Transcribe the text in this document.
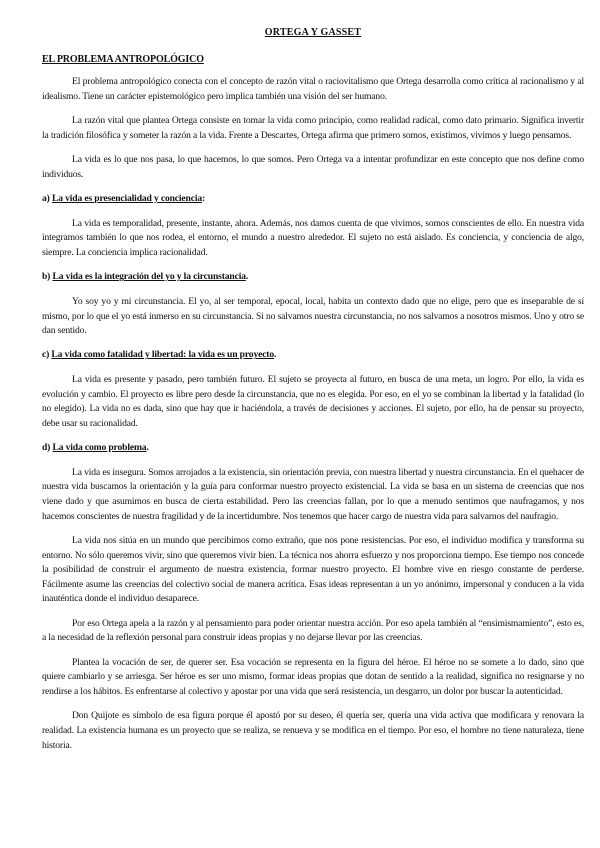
ORTEGA Y GASSET
EL PROBLEMA ANTROPOLÓGICO

El problema antropológico conecta con el concepto de razón vital o raciovitalismo que Ortega desarrolla como crítica al racionalismo y al idealismo. Tiene un carácter epistemológico pero implica también una visión del ser humano.

La razón vital que plantea Ortega consiste en tomar la vida como principio, como realidad radical, como dato primario. Significa invertir la tradición filosófica y someter la razón a la vida. Frente a Descartes, Ortega afirma que primero somos, existimos, vivimos y luego pensamos.

La vida es lo que nos pasa, lo que hacemos, lo que somos. Pero Ortega va a intentar profundizar en este concepto que nos define como individuos.

a) La vida es presencialidad y conciencia:

La vida es temporalidad, presente, instante, ahora. Además, nos damos cuenta de que vivimos, somos conscientes de ello. En nuestra vida integramos también lo que nos rodea, el entorno, el mundo a nuestro alrededor. El sujeto no está aislado. Es conciencia, y conciencia de algo, siempre. La conciencia implica racionalidad.

b) La vida es la integración del yo y la circunstancia.

Yo soy yo y mi circunstancia. El yo, al ser temporal, epocal, local, habita un contexto dado que no elige, pero que es inseparable de sí mismo, por lo que el yo está inmerso en su circunstancia. Si no salvamos nuestra circunstancia, no nos salvamos a nosotros mismos. Uno y otro se dan sentido.

c) La vida como fatalidad y libertad: la vida es un proyecto.

La vida es presente y pasado, pero también futuro. El sujeto se proyecta al futuro, en busca de una meta, un logro. Por ello, la vida es evolución y cambio. El proyecto es libre pero desde la circunstancia, que no es elegida. Por eso, en el yo se combinan la libertad y la fatalidad (lo no elegido). La vida no es dada, sino que hay que ir haciéndola, a través de decisiones y acciones. El sujeto, por ello, ha de pensar su proyecto, debe usar su racionalidad.

d) La vida como problema.

La vida es insegura. Somos arrojados a la existencia, sin orientación previa, con nuestra libertad y nuestra circunstancia. En el quehacer de nuestra vida buscamos la orientación y la guía para conformar nuestro proyecto existencial. La vida se basa en un sistema de creencias que nos viene dado y que asumimos en busca de cierta estabilidad. Pero las creencias fallan, por lo que a menudo sentimos que naufragamos, y nos hacemos conscientes de nuestra fragilidad y de la incertidumbre. Nos tenemos que hacer cargo de nuestra vida para salvarnos del naufragio.

La vida nos sitúa en un mundo que percibimos como extraño, que nos pone resistencias. Por eso, el individuo modifica y transforma su entorno. No sólo queremos vivir, sino que queremos vivir bien. La técnica nos ahorra esfuerzo y nos proporciona tiempo. Ese tiempo nos concede la posibilidad de construir el argumento de nuestra existencia, formar nuestro proyecto. El hombre vive en riesgo constante de perderse. Fácilmente asume las creencias del colectivo social de manera acrítica. Esas ideas representan a un yo anónimo, impersonal y conducen a la vida inauténtica donde el individuo desaparece.

Por eso Ortega apela a la razón y al pensamiento para poder orientar nuestra acción. Por eso apela también al “ensimismamiento”, esto es, a la necesidad de la reflexión personal para construir ideas propias y no dejarse llevar por las creencias.

Plantea la vocación de ser, de querer ser. Esa vocación se representa en la figura del héroe. El héroe no se somete a lo dado, sino que quiere cambiarlo y se arriesga. Ser héroe es ser uno mismo, formar ideas propias que dotan de sentido a la realidad, significa no resignarse y no rendirse a los hábitos. Es enfrentarse al colectivo y apostar por una vida que será resistencia, un desgarro, un dolor por buscar la autenticidad.

Don Quijote es símbolo de esa figura porque él apostó por su deseo, él quería ser, quería una vida activa que modificara y renovara la realidad. La existencia humana es un proyecto que se realiza, se renueva y se modifica en el tiempo. Por eso, el hombre no tiene naturaleza, tiene historia.
